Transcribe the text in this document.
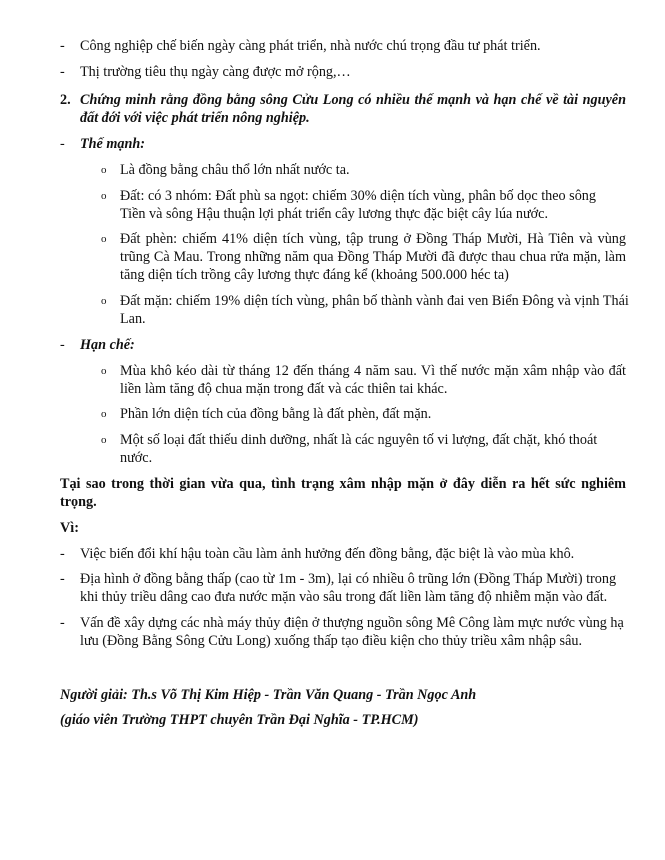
- Công nghiệp chế biến ngày càng phát triển, nhà nước chú trọng đầu tư phát triển.
- Thị trường tiêu thụ ngày càng được mở rộng,…
2. Chứng minh rằng đồng bằng sông Cửu Long có nhiều thế mạnh và hạn chế về tài nguyên
đất đới với việc phát triển nông nghiệp.
- Thế mạnh:
o Là đồng bằng châu thổ lớn nhất nước ta.
o Đất: có 3 nhóm: Đất phù sa ngọt: chiếm 30% diện tích vùng, phân bố dọc theo sông
Tiền và sông Hậu thuận lợi phát triển cây lương thực đặc biệt cây lúa nước.
o Đất phèn: chiếm 41% diện tích vùng, tập trung ở Đồng Tháp Mười, Hà Tiên và vùng
trũng Cà Mau. Trong những năm qua Đồng Tháp Mười đã được thau chua rửa mặn, làm
tăng diện tích trồng cây lương thực đáng kể (khoảng 500.000 héc ta)
o Đất mặn: chiếm 19% diện tích vùng, phân bố thành vành đai ven Biển Đông và vịnh Thái
Lan.
- Hạn chế:
o Mùa khô kéo dài từ tháng 12 đến tháng 4 năm sau. Vì thế nước mặn xâm nhập vào đất
liền làm tăng độ chua mặn trong đất và các thiên tai khác.
o Phần lớn diện tích của đồng bằng là đất phèn, đất mặn.
o Một số loại đất thiếu dinh dưỡng, nhất là các nguyên tố vi lượng, đất chặt, khó thoát
nước.
Tại sao trong thời gian vừa qua, tình trạng xâm nhập mặn ở đây diễn ra hết sức nghiêm
trọng.
Vì:
- Việc biến đổi khí hậu toàn cầu làm ảnh hưởng đến đồng bằng, đặc biệt là vào mùa khô.
- Địa hình ở đồng bằng thấp (cao từ 1m - 3m), lại có nhiều ô trũng lớn (Đồng Tháp Mười) trong
khi thủy triều dâng cao đưa nước mặn vào sâu trong đất liền làm tăng độ nhiễm mặn vào đất.
- Vấn đề xây dựng các nhà máy thủy điện ở thượng nguồn sông Mê Công làm mực nước vùng hạ
lưu (Đồng Bằng Sông Cửu Long) xuống thấp tạo điều kiện cho thủy triều xâm nhập sâu.
Người giải: Th.s Võ Thị Kim Hiệp - Trần Văn Quang - Trần Ngọc Anh
(giáo viên Trường THPT chuyên Trần Đại Nghĩa - TP.HCM)
